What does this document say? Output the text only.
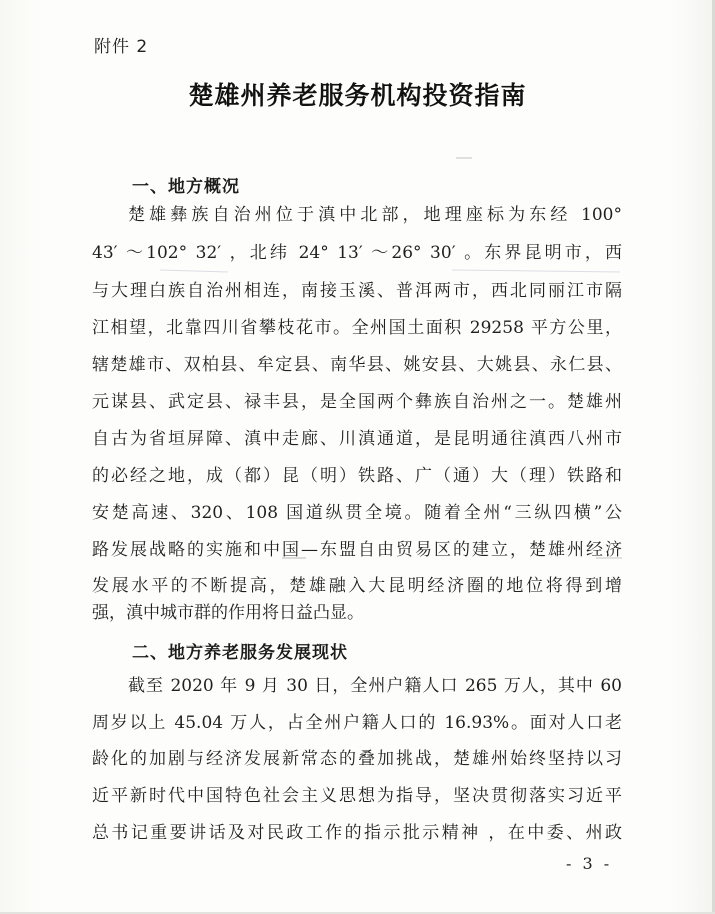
附件 2
楚雄州养老服务机构投资指南
一、地方概况
楚雄彝族自治州位于滇中北部，地理座标为东经 100°
43′ ～102° 32′ ，北纬 24° 13′ ～26° 30′ 。东界昆明市，西
与大理白族自治州相连，南接玉溪、普洱两市，西北同丽江市隔
江相望，北靠四川省攀枝花市。全州国土面积 29258 平方公里，
辖楚雄市、双柏县、牟定县、南华县、姚安县、大姚县、永仁县、
元谋县、武定县、禄丰县，是全国两个彝族自治州之一。楚雄州
自古为省垣屏障、滇中走廊、川滇通道，是昆明通往滇西八州市
的必经之地，成（都）昆（明）铁路、广（通）大（理）铁路和
安楚高速、320、108 国道纵贯全境。随着全州“三纵四横”公
路发展战略的实施和中国—东盟自由贸易区的建立，楚雄州经济
发展水平的不断提高，楚雄融入大昆明经济圈的地位将得到增
强，滇中城市群的作用将日益凸显。
二、地方养老服务发展现状
截至 2020 年 9 月 30 日，全州户籍人口 265 万人，其中 60
周岁以上 45.04 万人，占全州户籍人口的 16.93%。面对人口老
龄化的加剧与经济发展新常态的叠加挑战，楚雄州始终坚持以习
近平新时代中国特色社会主义思想为指导，坚决贯彻落实习近平
总书记重要讲话及对民政工作的指示批示精神 ，在中委、州政
- 3 -
